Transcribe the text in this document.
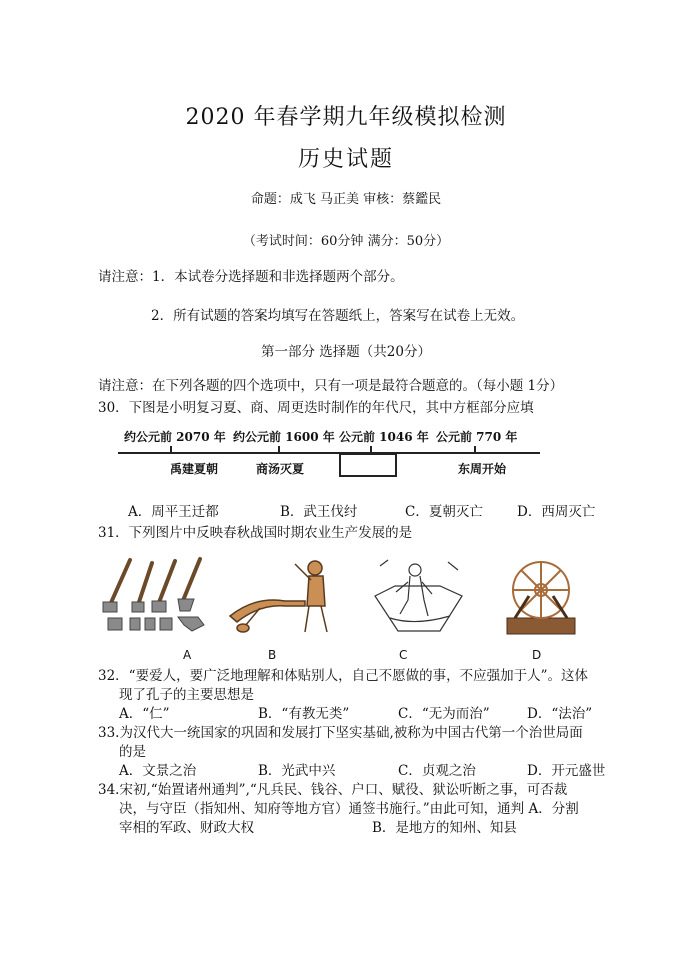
2020 年春学期九年级模拟检测
历史试题
命题：成飞 马正美 审核：蔡鑑民
（考试时间：60分钟 满分：50分）
请注意：1．本试卷分选择题和非选择题两个部分。
2．所有试题的答案均填写在答题纸上，答案写在试卷上无效。
第一部分 选择题（共20分）
请注意：在下列各题的四个选项中，只有一项是最符合题意的。（每小题 1分）
30．下图是小明复习夏、商、周更迭时制作的年代尺，其中方框部分应填
约公元前 2070 年 约公元前 1600 年 公元前 1046 年 公元前 770 年
禹建夏朝	商汤灭夏	东周开始
A．周平王迁都	B．武王伐纣	C．夏朝灭亡	D．西周灭亡
31．下列图片中反映春秋战国时期农业生产发展的是
A	B	C	D
32．“要爱人，要广泛地理解和体贴别人，自己不愿做的事，不应强加于人”。这体
现了孔子的主要思想是
A．“仁”	B．“有教无类”	C．“无为而治”	D．“法治”
33.为汉代大一统国家的巩固和发展打下坚实基础,被称为中国古代第一个治世局面
的是
A．文景之治	B．光武中兴	C．贞观之治	D．开元盛世
34.宋初,“始置诸州通判”,“凡兵民、钱谷、户口、赋役、狱讼听断之事，可否裁
决，与守臣（指知州、知府等地方官）通签书施行。”由此可知，通判 A．分割
宰相的军政、财政大权	B．是地方的知州、知县
